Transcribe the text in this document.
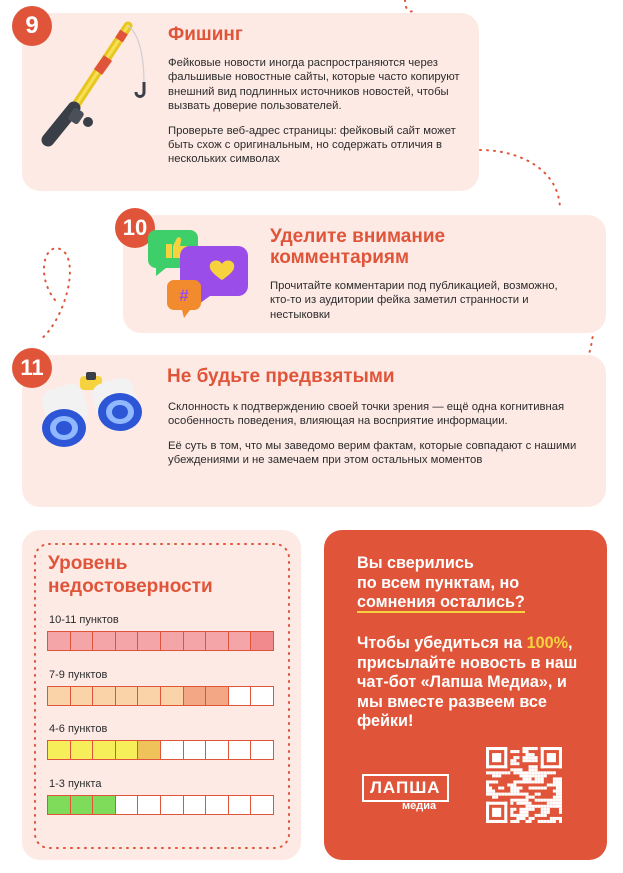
9	Фишинг

Фейковые новости иногда распространяются через фальшивые новостные сайты, которые часто копируют внешний вид подлинных источников новостей, чтобы вызвать доверие пользователей.

Проверьте веб-адрес страницы: фейковый сайт может быть схож с оригинальным, но содержать отличия в нескольких символах

10
#
Уделите внимание комментариям

Прочитайте комментарии под публикацией, возможно, кто-то из аудитории фейка заметил странности и нестыковки

11	Не будьте предвзятыми

Склонность к подтверждению своей точки зрения — ещё одна когнитивная особенность поведения, влияющая на восприятие информации.

Её суть в том, что мы заведомо верим фактам, которые совпадают с нашими убеждениями и не замечаем при этом остальных моментов

Уровень недостоверности
10-11 пунктов
7-9 пунктов
4-6 пунктов
1-3 пункта
Вы сверились
по всем пунктам, но
сомнения остались?
Чтобы убедиться на 100%, присылайте новость в наш чат-бот «Лапша Медиа», и мы вместе развеем все фейки!
ЛАПША
медиа
